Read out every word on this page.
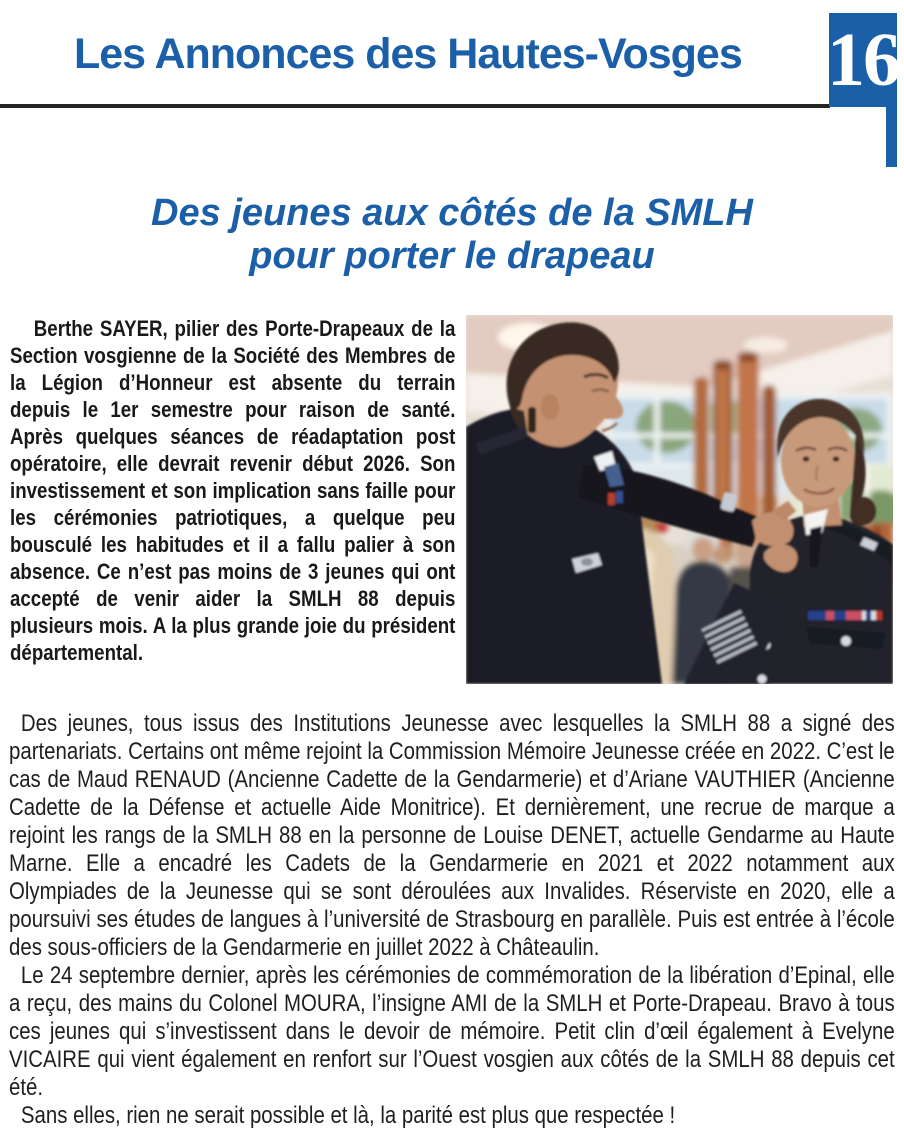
Les Annonces des Hautes-Vosges 16
Des jeunes aux côtés de la SMLH
pour porter le drapeau

Berthe SAYER, pilier des Porte-Drapeaux de la Section vosgienne de la Société des Membres de la Légion d’Honneur est absente du terrain depuis le 1er semestre pour raison de santé. Après quelques séances de réadaptation post opératoire, elle devrait revenir début 2026. Son investissement et son implication sans faille pour les cérémonies patriotiques, a quelque peu bousculé les habitudes et il a fallu palier à son absence. Ce n’est pas moins de 3 jeunes qui ont accepté de venir aider la SMLH 88 depuis plusieurs mois. A la plus grande joie du président départemental.

Des jeunes, tous issus des Institutions Jeunesse avec lesquelles la SMLH 88 a signé des partenariats. Certains ont même rejoint la Commission Mémoire Jeunesse créée en 2022. C’est le cas de Maud RENAUD (Ancienne Cadette de la Gendarmerie) et d’Ariane VAUTHIER (Ancienne Cadette de la Défense et actuelle Aide Monitrice). Et dernièrement, une recrue de marque a rejoint les rangs de la SMLH 88 en la personne de Louise DENET, actuelle Gendarme au Haute Marne. Elle a encadré les Cadets de la Gendarmerie en 2021 et 2022 notamment aux Olympiades de la Jeunesse qui se sont déroulées aux Invalides. Réserviste en 2020, elle a poursuivi ses études de langues à l’université de Strasbourg en parallèle. Puis est entrée à l’école des sous-officiers de la Gendarmerie en juillet 2022 à Châteaulin.

Le 24 septembre dernier, après les cérémonies de commémoration de la libération d’Epinal, elle a reçu, des mains du Colonel MOURA, l’insigne AMI de la SMLH et Porte-Drapeau. Bravo à tous ces jeunes qui s’investissent dans le devoir de mémoire. Petit clin d’œil également à Evelyne VICAIRE qui vient également en renfort sur l’Ouest vosgien aux côtés de la SMLH 88 depuis cet été.

Sans elles, rien ne serait possible et là, la parité est plus que respectée !
